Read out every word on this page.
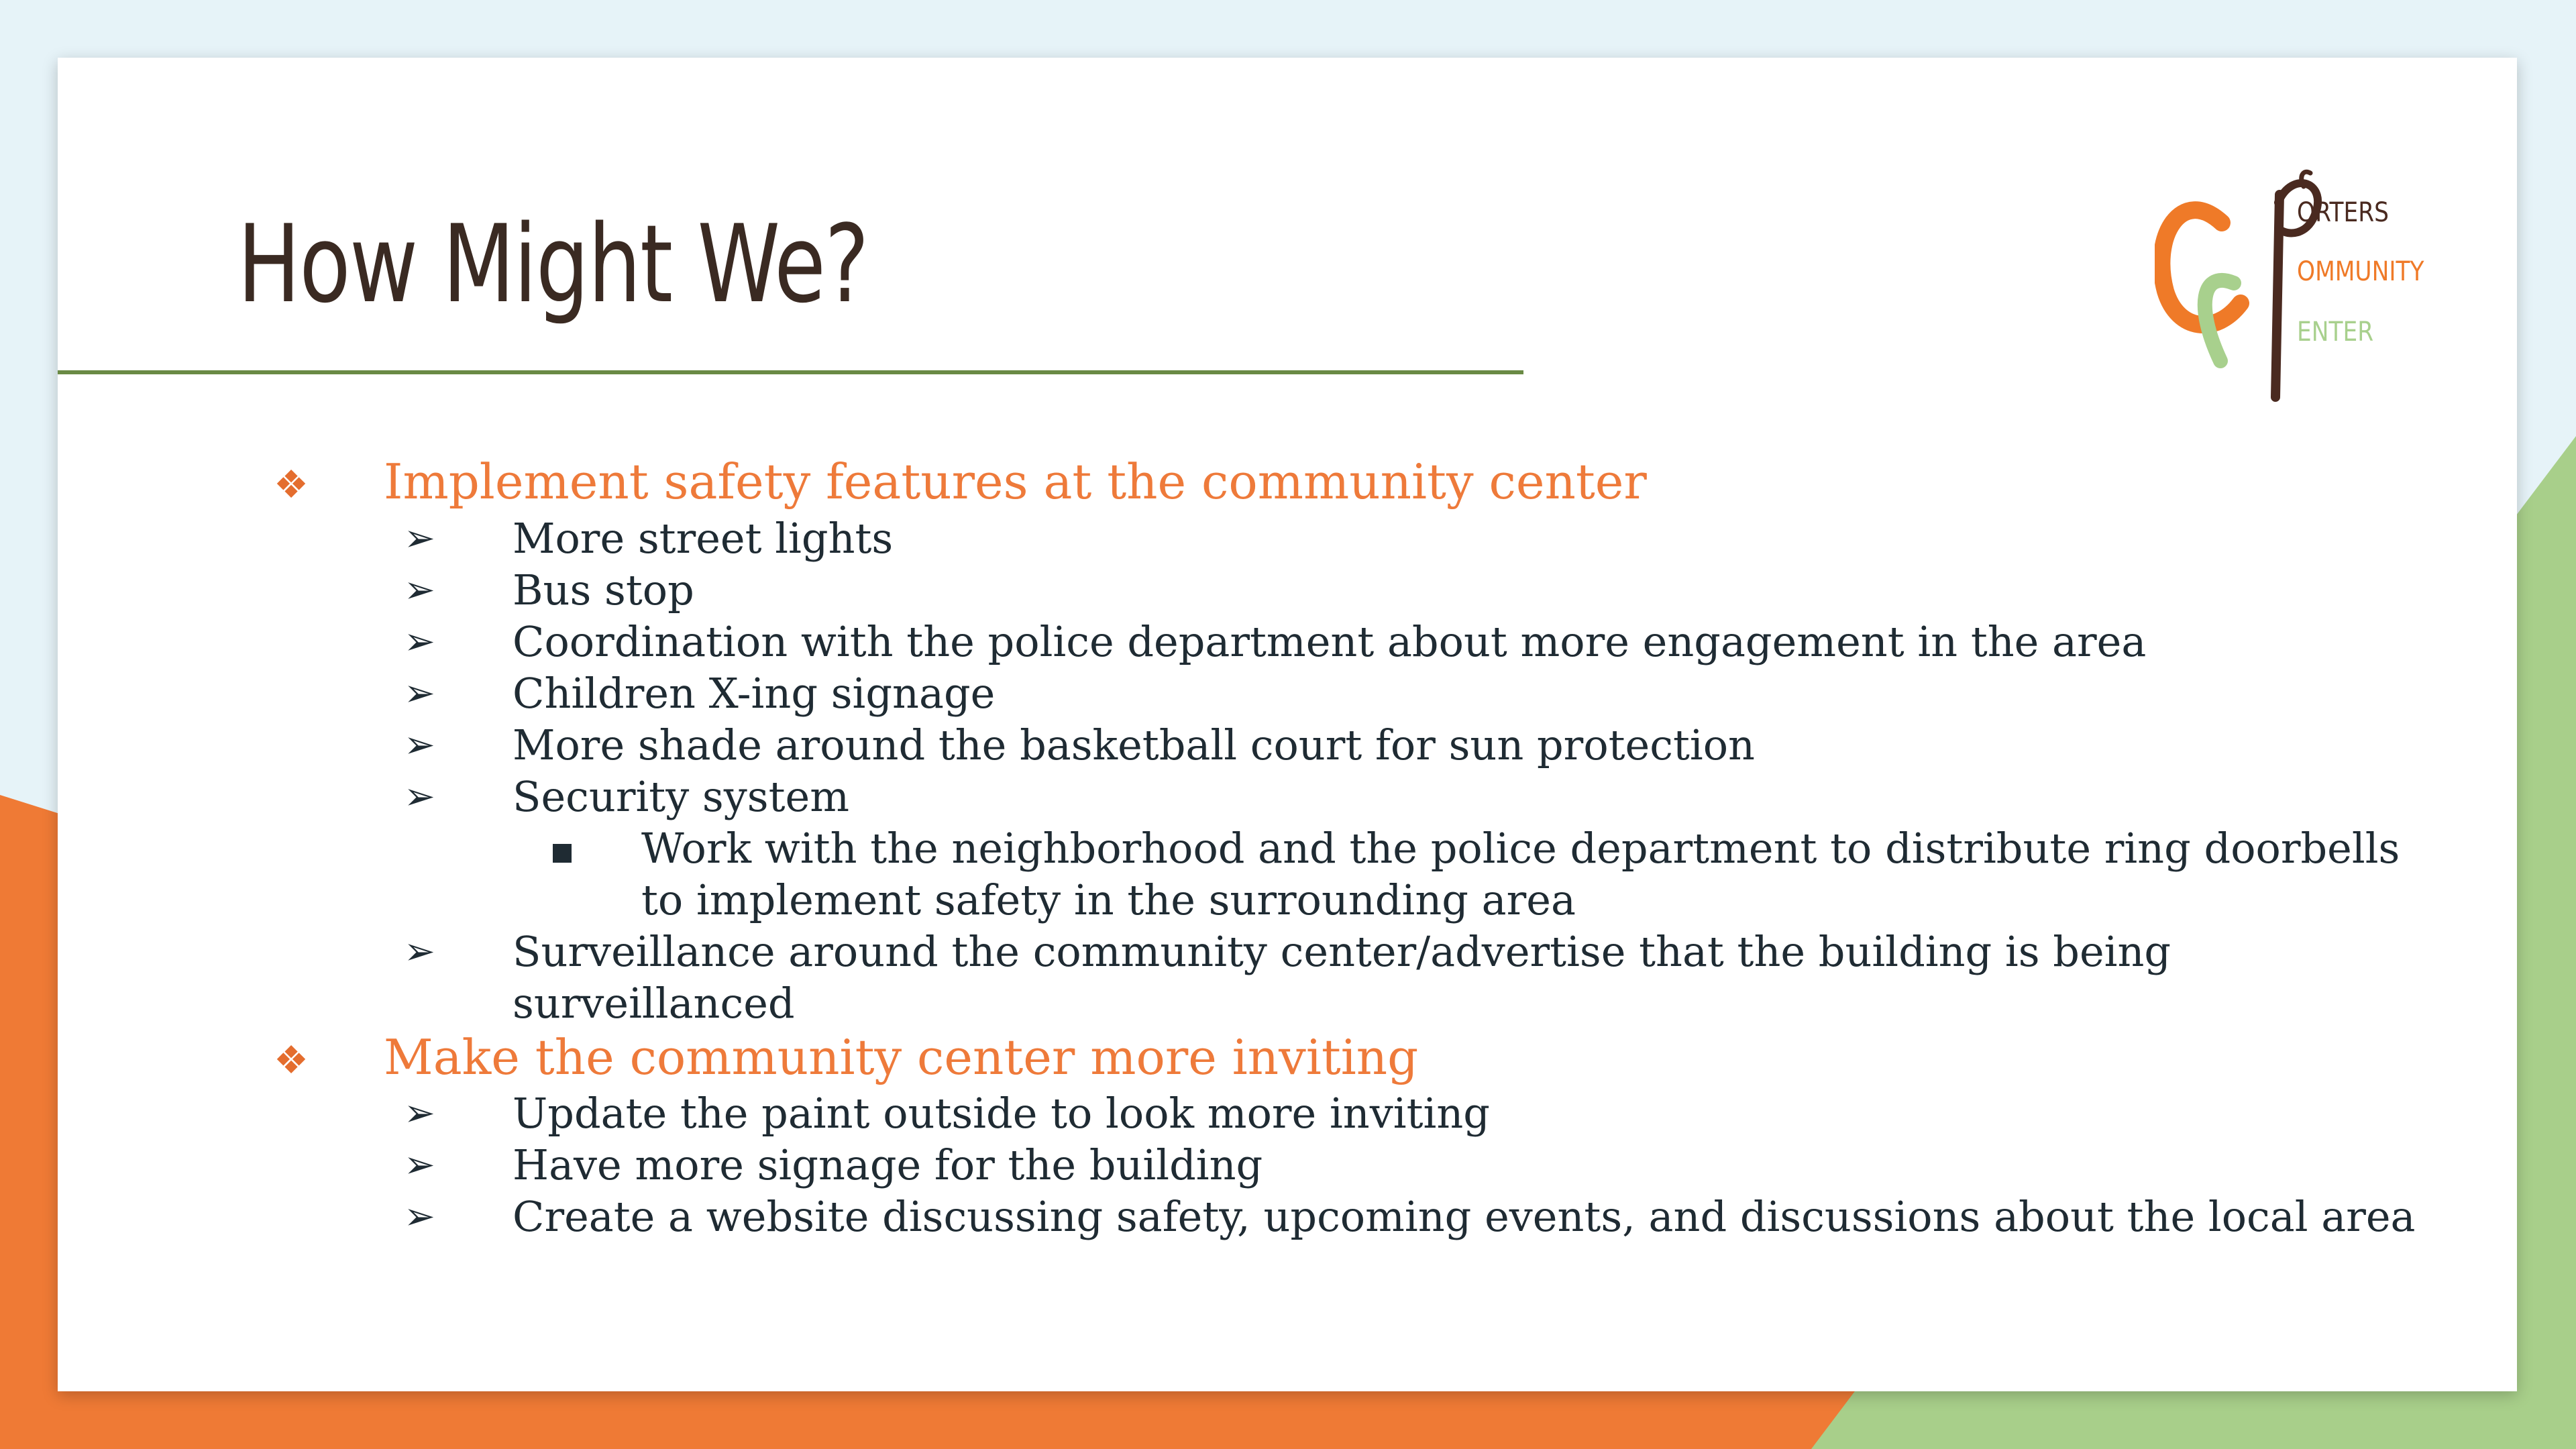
How Might We?	ORTERS
OMMUNITY
ENTER
❖ Implement safety features at the community center
➢ More street lights
➢ Bus stop
➢ Coordination with the police department about more engagement in the area
➢ Children X-ing signage
➢ More shade around the basketball court for sun protection
➢ Security system
Work with the neighborhood and the police department to distribute ring doorbells
to implement safety in the surrounding area
➢ Surveillance around the community center/advertise that the building is being
surveillanced
❖ Make the community center more inviting
➢ Update the paint outside to look more inviting
➢ Have more signage for the building
➢ Create a website discussing safety, upcoming events, and discussions about the local area
